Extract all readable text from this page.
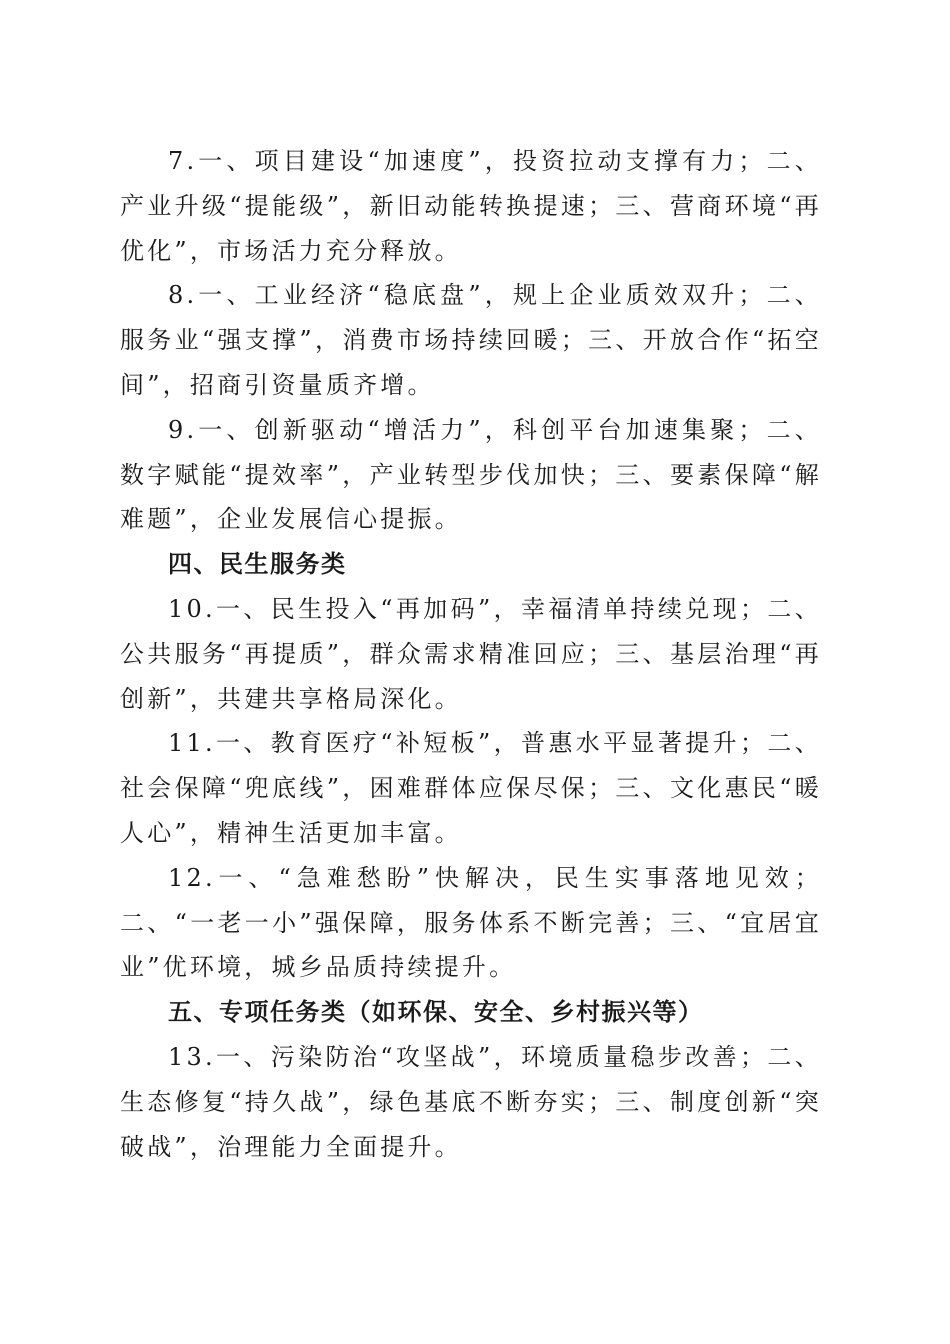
7.一、项目建设“加速度”，投资拉动支撑有力；二、产业升级“提能级”，新旧动能转换提速；三、营商环境“再优化”，市场活力充分释放。

8.一、工业经济“稳底盘”，规上企业质效双升；二、服务业“强支撑”，消费市场持续回暖；三、开放合作“拓空间”，招商引资量质齐增。

9.一、创新驱动“增活力”，科创平台加速集聚；二、数字赋能“提效率”，产业转型步伐加快；三、要素保障“解难题”，企业发展信心提振。

四、民生服务类

10.一、民生投入“再加码”，幸福清单持续兑现；二、公共服务“再提质”，群众需求精准回应；三、基层治理“再创新”，共建共享格局深化。

11.一、教育医疗“补短板”，普惠水平显著提升；二、社会保障“兜底线”，困难群体应保尽保；三、文化惠民“暖人心”，精神生活更加丰富。

12.一、“急难愁盼”快解决，民生实事落地见效；二、“一老一小”强保障，服务体系不断完善；三、“宜居宜业”优环境，城乡品质持续提升。

五、专项任务类（如环保、安全、乡村振兴等）

13.一、污染防治“攻坚战”，环境质量稳步改善；二、生态修复“持久战”，绿色基底不断夯实；三、制度创新“突破战”，治理能力全面提升。
